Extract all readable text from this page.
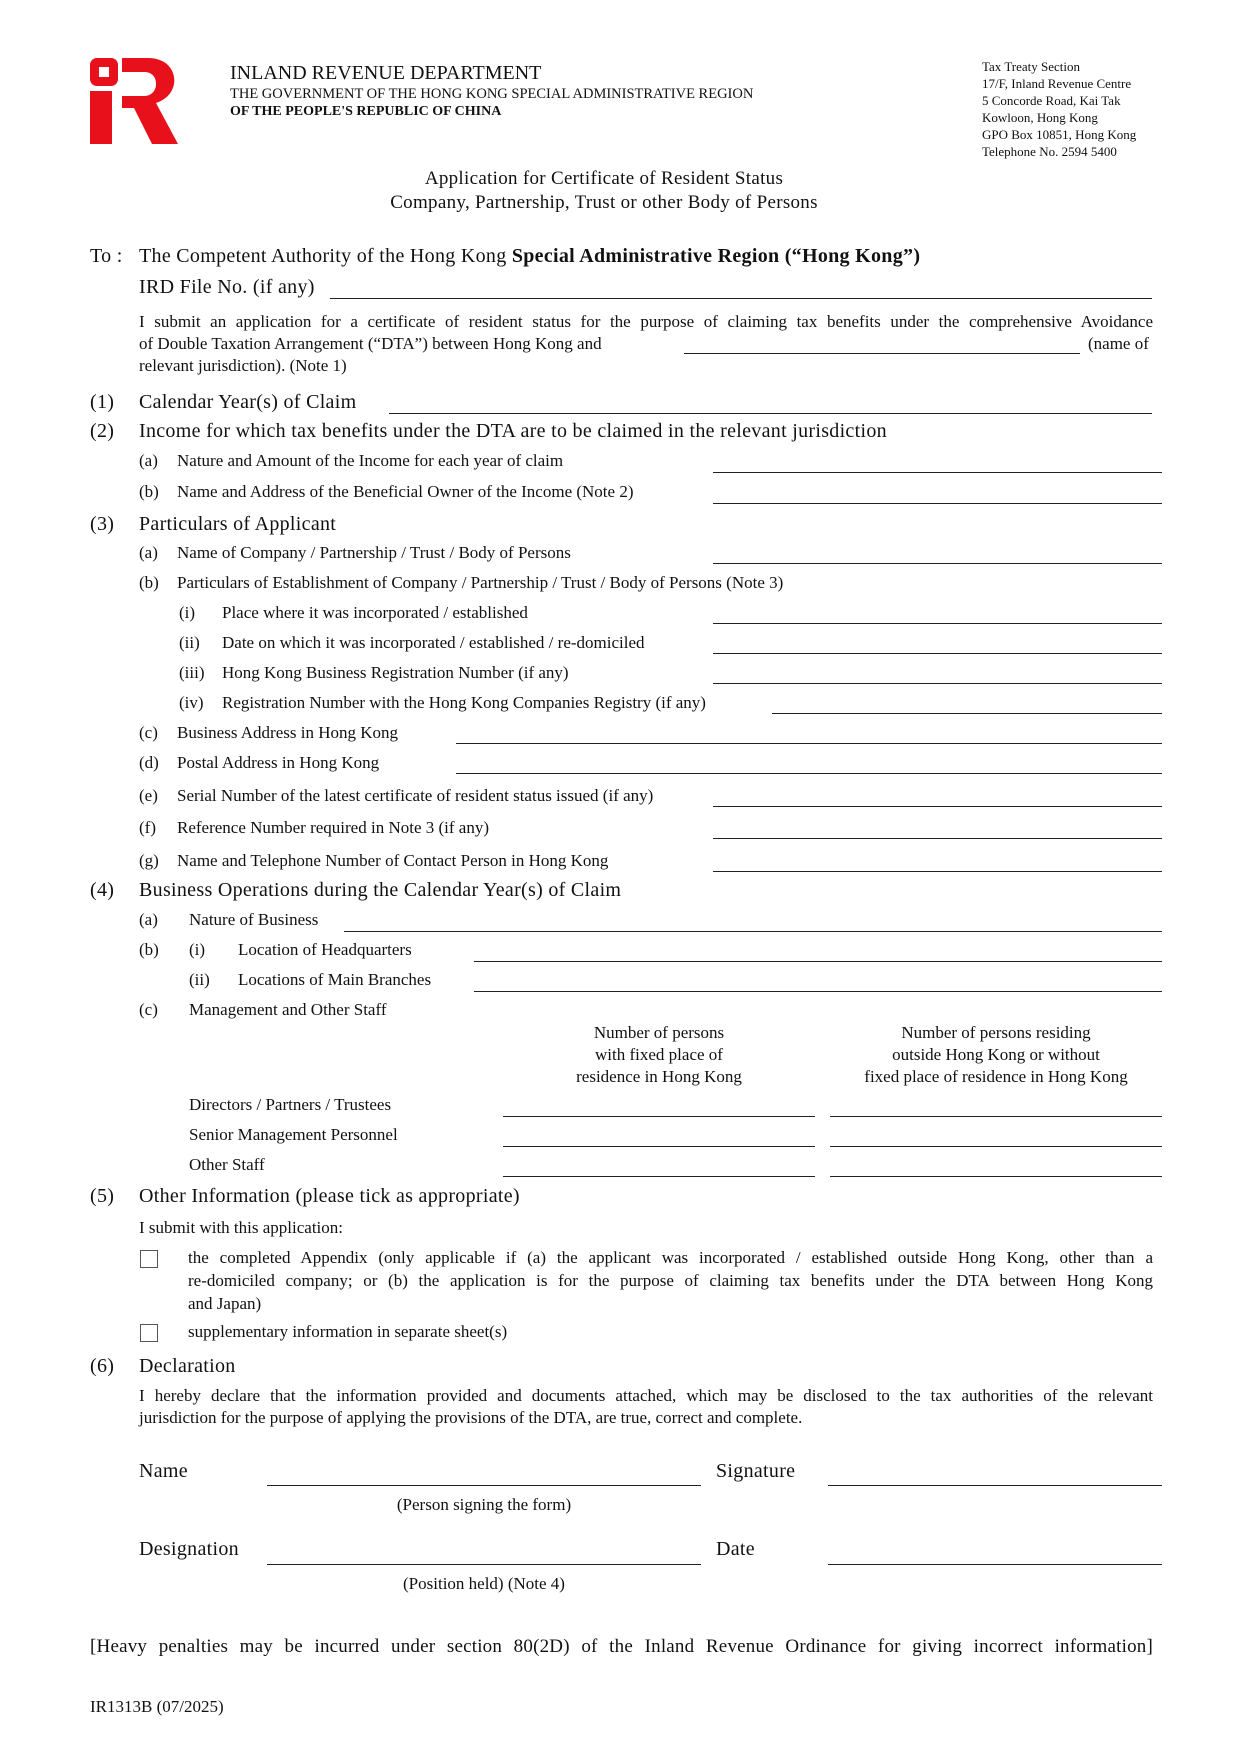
INLAND REVENUE DEPARTMENT
THE GOVERNMENT OF THE HONG KONG SPECIAL ADMINISTRATIVE REGION
OF THE PEOPLE'S REPUBLIC OF CHINA
Tax Treaty Section
17/F, Inland Revenue Centre
5 Concorde Road, Kai Tak
Kowloon, Hong Kong
GPO Box 10851, Hong Kong
Telephone No. 2594 5400
Application for Certificate of Resident Status
Company, Partnership, Trust or other Body of Persons
To : The Competent Authority of the Hong Kong Special Administrative Region (“Hong Kong”)
IRD File No. (if any)
I submit an application for a certificate of resident status for the purpose of claiming tax benefits under the comprehensive Avoidance
of Double Taxation Arrangement (“DTA”) between Hong Kong and	(name of
relevant jurisdiction). (Note 1)
(1) Calendar Year(s) of Claim
(2) Income for which tax benefits under the DTA are to be claimed in the relevant jurisdiction
(a) Nature and Amount of the Income for each year of claim
(b) Name and Address of the Beneficial Owner of the Income (Note 2)
(3) Particulars of Applicant
(a) Name of Company / Partnership / Trust / Body of Persons
(b) Particulars of Establishment of Company / Partnership / Trust / Body of Persons (Note 3)
(i) Place where it was incorporated / established
(ii) Date on which it was incorporated / established / re-domiciled
(iii) Hong Kong Business Registration Number (if any)
(iv) Registration Number with the Hong Kong Companies Registry (if any)
(c) Business Address in Hong Kong
(d) Postal Address in Hong Kong
(e) Serial Number of the latest certificate of resident status issued (if any)
(f) Reference Number required in Note 3 (if any)
(g) Name and Telephone Number of Contact Person in Hong Kong
(4) Business Operations during the Calendar Year(s) of Claim
(a) Nature of Business
(b) (i) Location of Headquarters
(ii) Locations of Main Branches
(c) Management and Other Staff
Number of persons
with fixed place of
residence in Hong Kong
Number of persons residing
outside Hong Kong or without
fixed place of residence in Hong Kong
Directors / Partners / Trustees
Senior Management Personnel
Other Staff
(5) Other Information (please tick as appropriate)
I submit with this application:
the completed Appendix (only applicable if (a) the applicant was incorporated / established outside Hong Kong, other than a
re-domiciled company; or (b) the application is for the purpose of claiming tax benefits under the DTA between Hong Kong
and Japan)
supplementary information in separate sheet(s)
(6) Declaration
I hereby declare that the information provided and documents attached, which may be disclosed to the tax authorities of the relevant
jurisdiction for the purpose of applying the provisions of the DTA, are true, correct and complete.
Name	Signature
(Person signing the form)
Designation	Date
(Position held) (Note 4)
[Heavy penalties may be incurred under section 80(2D) of the Inland Revenue Ordinance for giving incorrect information]
IR1313B (07/2025)
